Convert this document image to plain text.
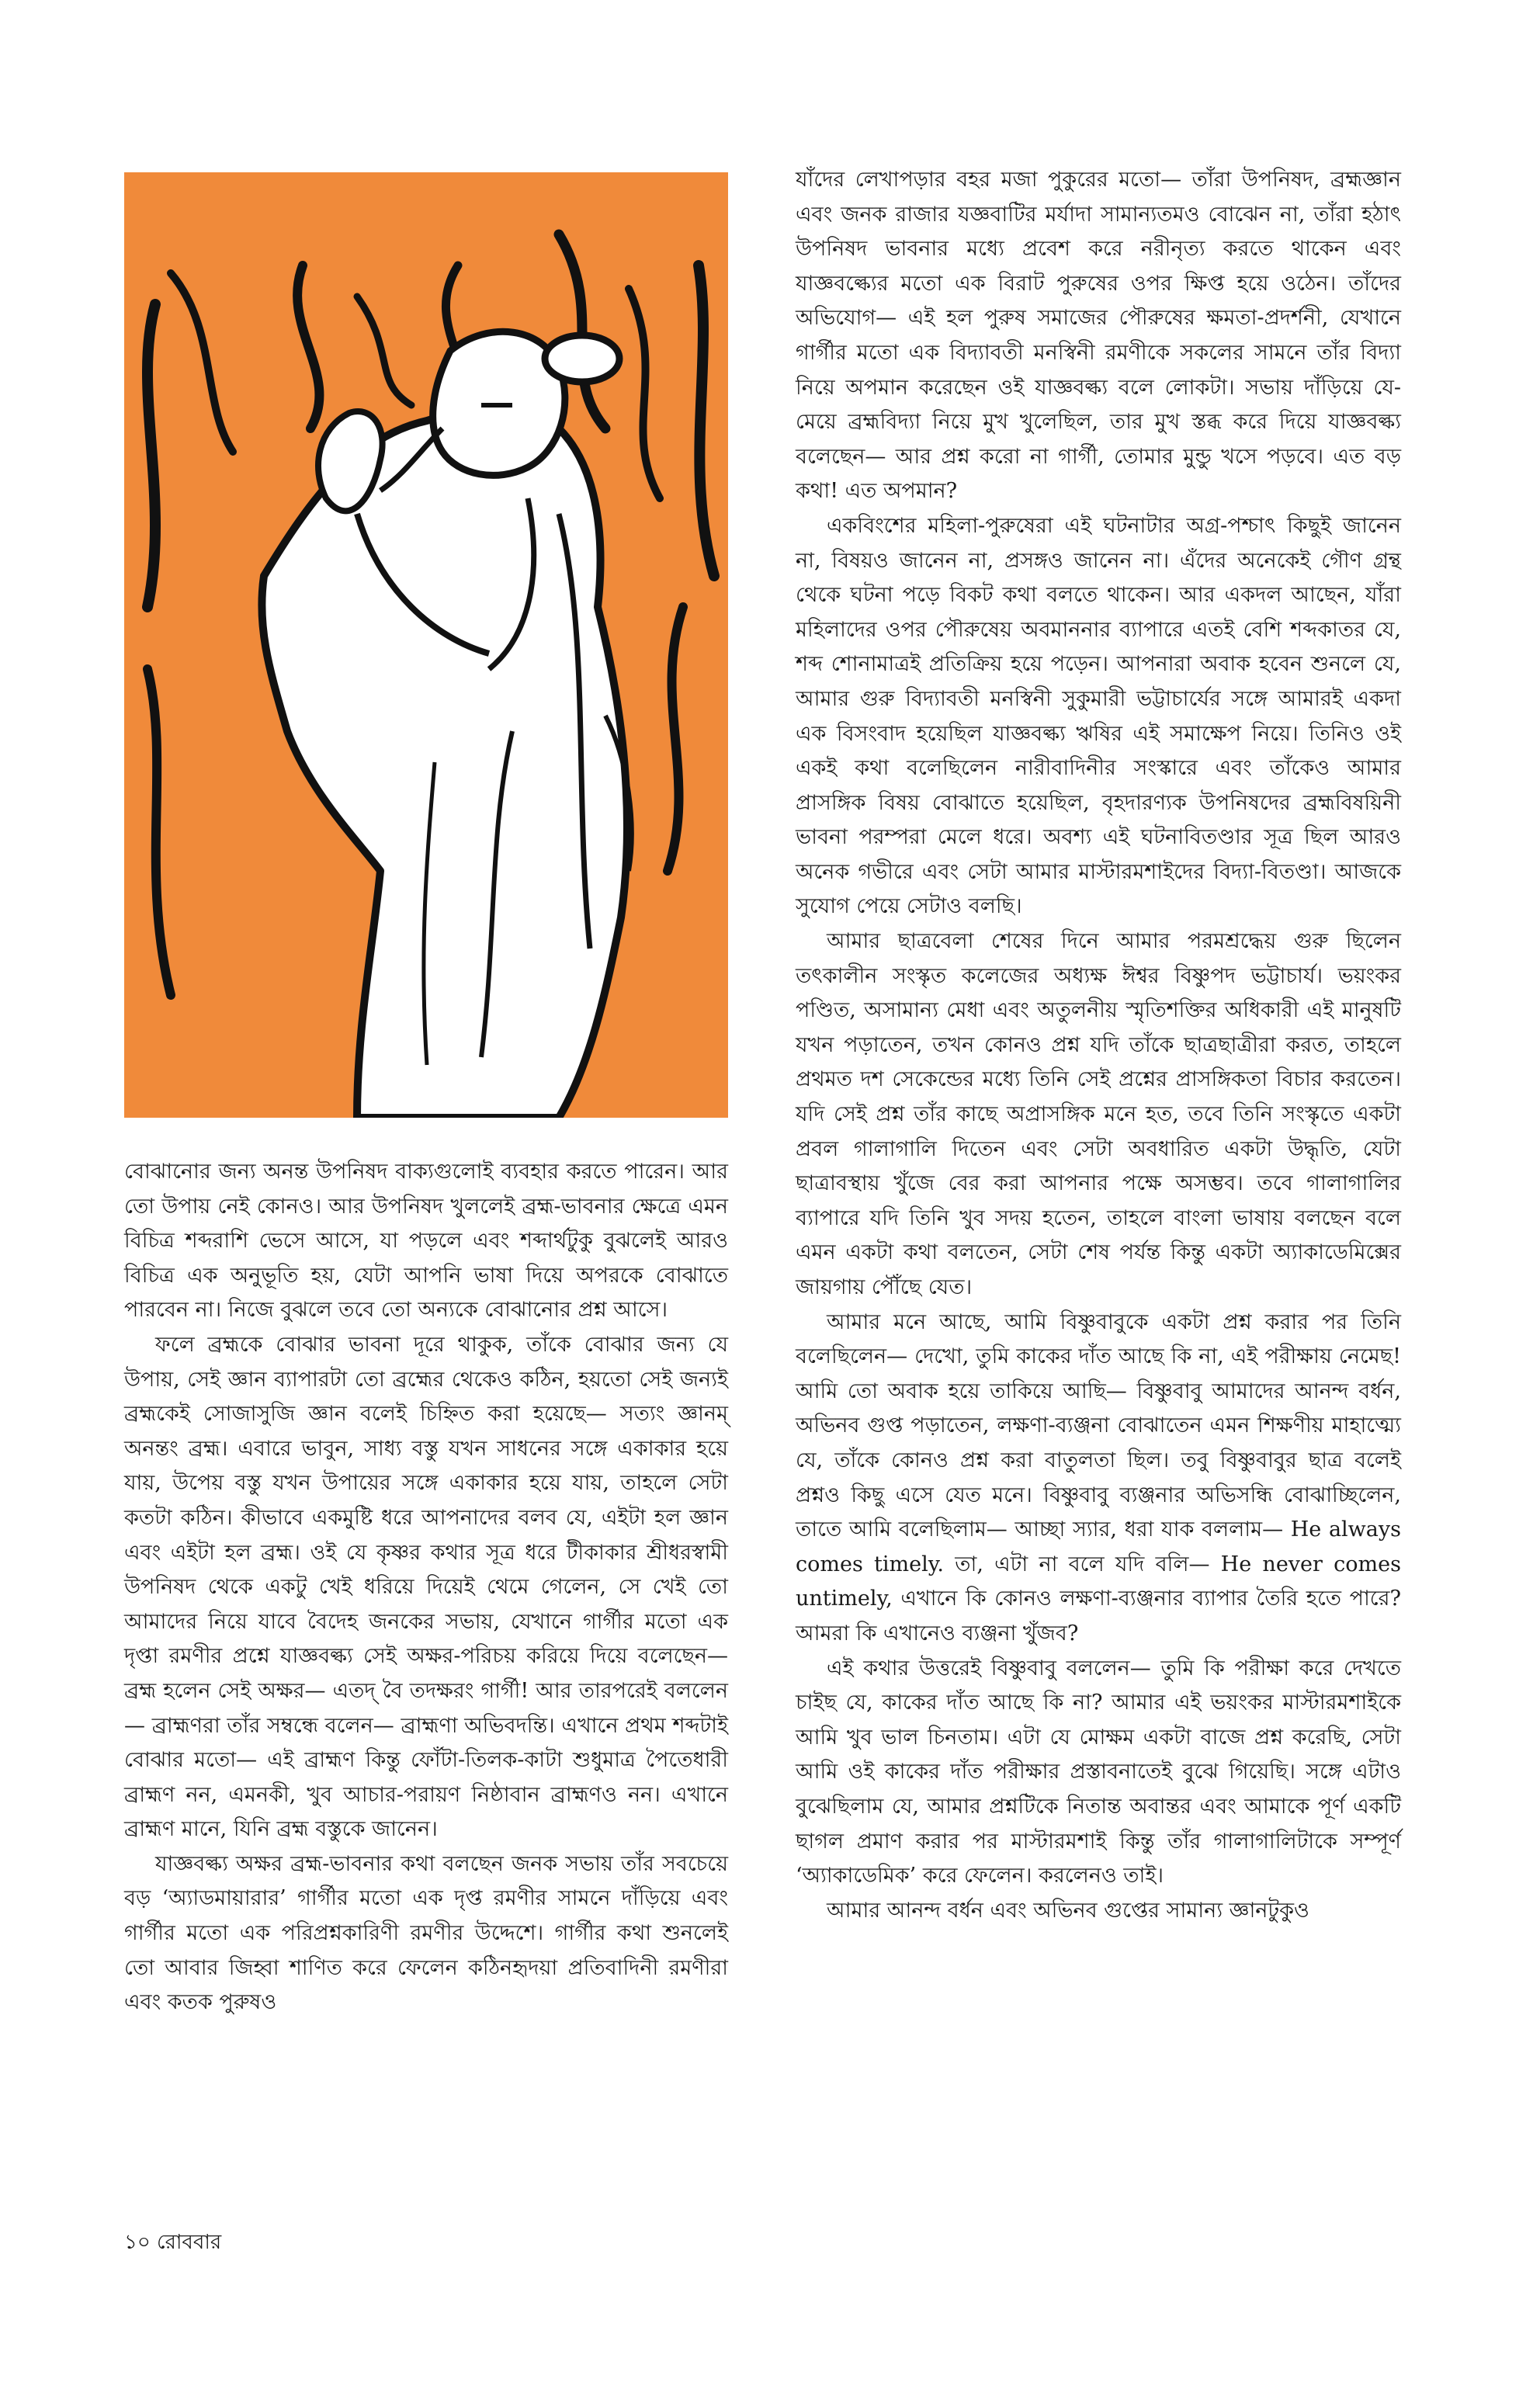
বোঝানোর জন্য অনন্ত উপনিষদ বাক্যগুলোই ব্যবহার করতে পারেন। আর তো উপায় নেই কোনও। আর উপনিষদ খুললেই ব্রহ্ম-ভাবনার ক্ষেত্রে এমন বিচিত্র শব্দরাশি ভেসে আসে, যা পড়লে এবং শব্দার্থটুকু বুঝলেই আরও বিচিত্র এক অনুভূতি হয়, যেটা আপনি ভাষা দিয়ে অপরকে বোঝাতে পারবেন না। নিজে বুঝলে তবে তো অন্যকে বোঝানোর প্রশ্ন আসে।

ফলে ব্রহ্মকে বোঝার ভাবনা দূরে থাকুক, তাঁকে বোঝার জন্য যে উপায়, সেই জ্ঞান ব্যাপারটা তো ব্রহ্মের থেকেও কঠিন, হয়তো সেই জন্যই ব্রহ্মকেই সোজাসুজি জ্ঞান বলেই চিহ্নিত করা হয়েছে— সত্যং জ্ঞানম্ অনন্তং ব্রহ্ম। এবারে ভাবুন, সাধ্য বস্তু যখন সাধনের সঙ্গে একাকার হয়ে যায়, উপেয় বস্তু যখন উপায়ের সঙ্গে একাকার হয়ে যায়, তাহলে সেটা কতটা কঠিন। কীভাবে একমুষ্টি ধরে আপনাদের বলব যে, এইটা হল জ্ঞান এবং এইটা হল ব্রহ্ম। ওই যে কৃষ্ণর কথার সূত্র ধরে টীকাকার শ্রীধরস্বামী উপনিষদ থেকে একটু খেই ধরিয়ে দিয়েই থেমে গেলেন, সে খেই তো আমাদের নিয়ে যাবে বৈদেহ জনকের সভায়, যেখানে গার্গীর মতো এক দৃপ্তা রমণীর প্রশ্নে যাজ্ঞবল্ক্য সেই অক্ষর-পরিচয় করিয়ে দিয়ে বলেছেন— ব্রহ্ম হলেন সেই অক্ষর— এতদ্ বৈ তদক্ষরং গার্গী! আর তারপরেই বললেন— ব্রাহ্মণরা তাঁর সম্বন্ধে বলেন— ব্রাহ্মণা অভিবদন্তি। এখানে প্রথম শব্দটাই বোঝার মতো— এই ব্রাহ্মণ কিন্তু ফোঁটা-তিলক-কাটা শুধুমাত্র পৈতেধারী ব্রাহ্মণ নন, এমনকী, খুব আচার-পরায়ণ নিষ্ঠাবান ব্রাহ্মণও নন। এখানে ব্রাহ্মণ মানে, যিনি ব্রহ্ম বস্তুকে জানেন।

যাজ্ঞবল্ক্য অক্ষর ব্রহ্ম-ভাবনার কথা বলছেন জনক সভায় তাঁর সবচেয়ে বড় ‘অ্যাডমায়ারার’ গার্গীর মতো এক দৃপ্ত রমণীর সামনে দাঁড়িয়ে এবং গার্গীর মতো এক পরিপ্রশ্নকারিণী রমণীর উদ্দেশে। গার্গীর কথা শুনলেই তো আবার জিহ্বা শাণিত করে ফেলেন কঠিনহৃদয়া প্রতিবাদিনী রমণীরা এবং কতক পুরুষও

যাঁদের লেখাপড়ার বহর মজা পুকুরের মতো— তাঁরা উপনিষদ, ব্রহ্মজ্ঞান এবং জনক রাজার যজ্ঞবাটির মর্যাদা সামান্যতমও বোঝেন না, তাঁরা হঠাৎ উপনিষদ ভাবনার মধ্যে প্রবেশ করে নরীনৃত্য করতে থাকেন এবং যাজ্ঞবল্ক্যের মতো এক বিরাট পুরুষের ওপর ক্ষিপ্ত হয়ে ওঠেন। তাঁদের অভিযোগ— এই হল পুরুষ সমাজের পৌরুষের ক্ষমতা-প্রদর্শনী, যেখানে গার্গীর মতো এক বিদ্যাবতী মনস্বিনী রমণীকে সকলের সামনে তাঁর বিদ্যা নিয়ে অপমান করেছেন ওই যাজ্ঞবল্ক্য বলে লোকটা। সভায় দাঁড়িয়ে যে-মেয়ে ব্রহ্মবিদ্যা নিয়ে মুখ খুলেছিল, তার মুখ স্তব্ধ করে দিয়ে যাজ্ঞবল্ক্য বলেছেন— আর প্রশ্ন করো না গার্গী, তোমার মুন্ডু খসে পড়বে। এত বড় কথা! এত অপমান?

একবিংশের মহিলা-পুরুষেরা এই ঘটনাটার অগ্র-পশ্চাৎ কিছুই জানেন না, বিষয়ও জানেন না, প্রসঙ্গও জানেন না। এঁদের অনেকেই গৌণ গ্রন্থ থেকে ঘটনা পড়ে বিকট কথা বলতে থাকেন। আর একদল আছেন, যাঁরা মহিলাদের ওপর পৌরুষেয় অবমাননার ব্যাপারে এতই বেশি শব্দকাতর যে, শব্দ শোনামাত্রই প্রতিক্রিয় হয়ে পড়েন। আপনারা অবাক হবেন শুনলে যে, আমার গুরু বিদ্যাবতী মনস্বিনী সুকুমারী ভট্টাচার্যের সঙ্গে আমারই একদা এক বিসংবাদ হয়েছিল যাজ্ঞবল্ক্য ঋষির এই সমাক্ষেপ নিয়ে। তিনিও ওই একই কথা বলেছিলেন নারীবাদিনীর সংস্কারে এবং তাঁকেও আমার প্রাসঙ্গিক বিষয় বোঝাতে হয়েছিল, বৃহদারণ্যক উপনিষদের ব্রহ্মবিষয়িনী ভাবনা পরম্পরা মেলে ধরে। অবশ্য এই ঘটনাবিতণ্ডার সূত্র ছিল আরও অনেক গভীরে এবং সেটা আমার মাস্টারমশাইদের বিদ্যা-বিতণ্ডা। আজকে সুযোগ পেয়ে সেটাও বলছি।

আমার ছাত্রবেলা শেষের দিনে আমার পরমশ্রদ্ধেয় গুরু ছিলেন তৎকালীন সংস্কৃত কলেজের অধ্যক্ষ ঈশ্বর বিষ্ণুপদ ভট্টাচার্য। ভয়ংকর পণ্ডিত, অসামান্য মেধা এবং অতুলনীয় স্মৃতিশক্তির অধিকারী এই মানুষটি যখন পড়াতেন, তখন কোনও প্রশ্ন যদি তাঁকে ছাত্রছাত্রীরা করত, তাহলে প্রথমত দশ সেকেন্ডের মধ্যে তিনি সেই প্রশ্নের প্রাসঙ্গিকতা বিচার করতেন। যদি সেই প্রশ্ন তাঁর কাছে অপ্রাসঙ্গিক মনে হত, তবে তিনি সংস্কৃতে একটা প্রবল গালাগালি দিতেন এবং সেটা অবধারিত একটা উদ্ধৃতি, যেটা ছাত্রাবস্থায় খুঁজে বের করা আপনার পক্ষে অসম্ভব। তবে গালাগালির ব্যাপারে যদি তিনি খুব সদয় হতেন, তাহলে বাংলা ভাষায় বলছেন বলে এমন একটা কথা বলতেন, সেটা শেষ পর্যন্ত কিন্তু একটা অ্যাকাডেমিক্সের জায়গায় পৌঁছে যেত।

আমার মনে আছে, আমি বিষ্ণুবাবুকে একটা প্রশ্ন করার পর তিনি বলেছিলেন— দেখো, তুমি কাকের দাঁত আছে কি না, এই পরীক্ষায় নেমেছ! আমি তো অবাক হয়ে তাকিয়ে আছি— বিষ্ণুবাবু আমাদের আনন্দ বর্ধন, অভিনব গুপ্ত পড়াতেন, লক্ষণা-ব্যঞ্জনা বোঝাতেন এমন শিক্ষণীয় মাহাত্ম্যে যে, তাঁকে কোনও প্রশ্ন করা বাতুলতা ছিল। তবু বিষ্ণুবাবুর ছাত্র বলেই প্রশ্নও কিছু এসে যেত মনে। বিষ্ণুবাবু ব্যঞ্জনার অভিসন্ধি বোঝাচ্ছিলেন, তাতে আমি বলেছিলাম— আচ্ছা স্যার, ধরা যাক বললাম— He always comes timely. তা, এটা না বলে যদি বলি— He never comes untimely, এখানে কি কোনও লক্ষণা-ব্যঞ্জনার ব্যাপার তৈরি হতে পারে? আমরা কি এখানেও ব্যঞ্জনা খুঁজব?

এই কথার উত্তরেই বিষ্ণুবাবু বললেন— তুমি কি পরীক্ষা করে দেখতে চাইছ যে, কাকের দাঁত আছে কি না? আমার এই ভয়ংকর মাস্টারমশাইকে আমি খুব ভাল চিনতাম। এটা যে মোক্ষম একটা বাজে প্রশ্ন করেছি, সেটা আমি ওই কাকের দাঁত পরীক্ষার প্রস্তাবনাতেই বুঝে গিয়েছি। সঙ্গে এটাও বুঝেছিলাম যে, আমার প্রশ্নটিকে নিতান্ত অবান্তর এবং আমাকে পূর্ণ একটি ছাগল প্রমাণ করার পর মাস্টারমশাই কিন্তু তাঁর গালাগালিটাকে সম্পূর্ণ ‘অ্যাকাডেমিক’ করে ফেলেন। করলেনও তাই।

আমার আনন্দ বর্ধন এবং অভিনব গুপ্তের সামান্য জ্ঞানটুকুও

১০ রোববার
